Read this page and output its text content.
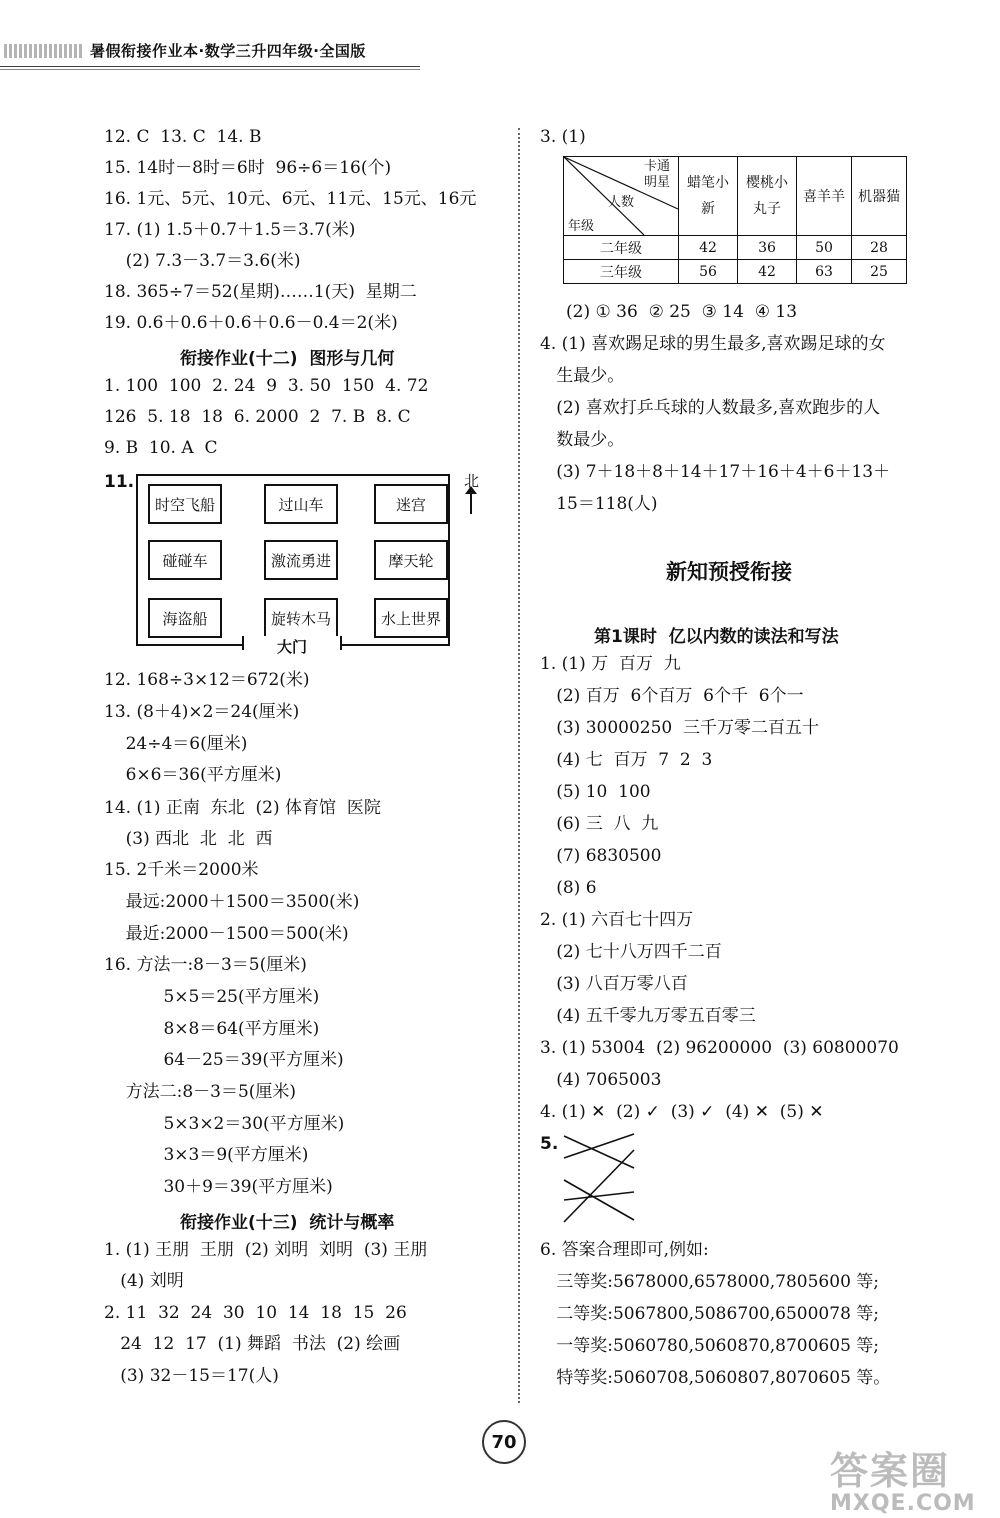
暑假衔接作业本·数学三升四年级·全国版
12. C  13. C  14. B
15. 14时－8时＝6时  96÷6＝16(个)
16. 1元、5元、10元、6元、11元、15元、16元
17. (1) 1.5＋0.7＋1.5＝3.7(米)
(2) 7.3－3.7＝3.6(米)
18. 365÷7＝52(星期)……1(天)  星期二
19. 0.6＋0.6＋0.6＋0.6－0.4＝2(米)
衔接作业(十二)  图形与几何
1. 100  100  2. 24  9  3. 50  150  4. 72
126  5. 18  18  6. 2000  2  7. B  8. C
9. B  10. A  C
11.
时空飞船	过山车	迷宫
碰碰车	激流勇进	摩天轮
海盗船	旋转木马	水上世界
大门
北
12. 168÷3×12＝672(米)
13. (8＋4)×2＝24(厘米)
24÷4＝6(厘米)
6×6＝36(平方厘米)
14. (1) 正南  东北  (2) 体育馆  医院
(3) 西北  北  北  西
15. 2千米＝2000米
最远:2000＋1500＝3500(米)
最近:2000－1500＝500(米)
16. 方法一:8－3＝5(厘米)
5×5＝25(平方厘米)
8×8＝64(平方厘米)
64－25＝39(平方厘米)
方法二:8－3＝5(厘米)
5×3×2＝30(平方厘米)
3×3＝9(平方厘米)
30＋9＝39(平方厘米)
衔接作业(十三)  统计与概率
1. (1) 王朋  王朋  (2) 刘明  刘明  (3) 王朋
(4) 刘明
2. 11  32  24  30  10  14  18  15  26
24  12  17  (1) 舞蹈  书法  (2) 绘画
(3) 32－15＝17(人)
3. (1)
卡通明星
人数
年级	蜡笔小新	樱桃小丸子	喜羊羊	机器猫
二年级	42	36	50	28
三年级	56	42	63	25
(2) ① 36  ② 25  ③ 14  ④ 13
4. (1) 喜欢踢足球的男生最多,喜欢踢足球的女
生最少。
(2) 喜欢打乒乓球的人数最多,喜欢跑步的人
数最少。
(3) 7＋18＋8＋14＋17＋16＋4＋6＋13＋
15＝118(人)
新知预授衔接
第1课时  亿以内数的读法和写法
1. (1) 万  百万  九
(2) 百万  6个百万  6个千  6个一
(3) 30000250  三千万零二百五十
(4) 七  百万  7  2  3
(5) 10  100
(6) 三  八  九
(7) 6830500
(8) 6
2. (1) 六百七十四万
(2) 七十八万四千二百
(3) 八百万零八百
(4) 五千零九万零五百零三
3. (1) 53004  (2) 96200000  (3) 60800070
(4) 7065003
4. (1) ✕  (2) ✓  (3) ✓  (4) ✕  (5) ✕
5.
6. 答案合理即可,例如:
三等奖:5678000,6578000,7805600 等;
二等奖:5067800,5086700,6500078 等;
一等奖:5060780,5060870,8700605 等;
特等奖:5060708,5060807,8070605 等。
70
答案圈
MXQE.COM
